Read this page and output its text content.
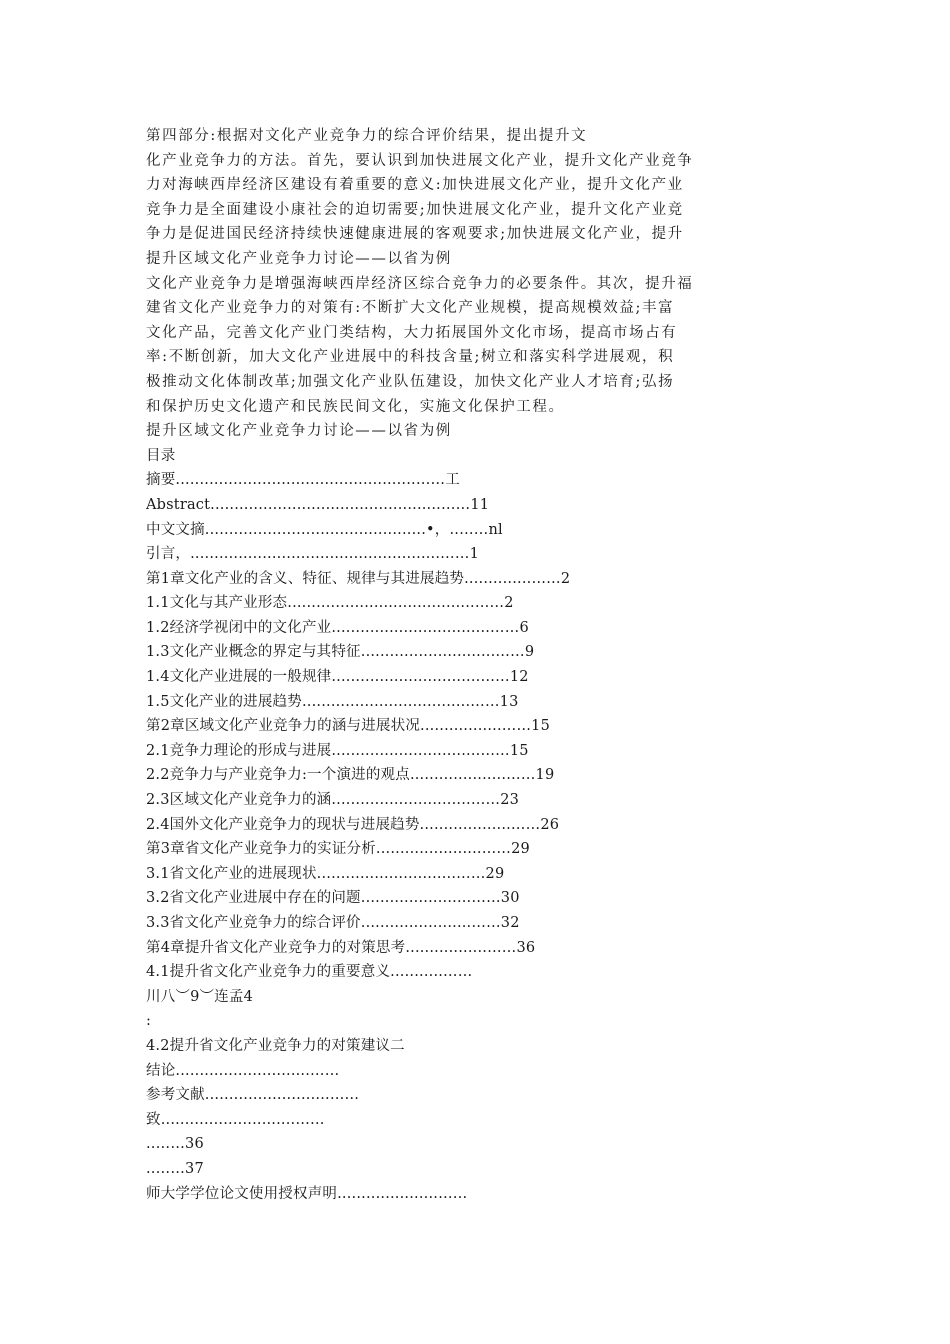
第四部分:根据对文化产业竞争力的综合评价结果，提出提升文
化产业竞争力的方法。首先，要认识到加快进展文化产业，提升文化产业竞争
力对海峡西岸经济区建设有着重要的意义:加快进展文化产业，提升文化产业
竞争力是全面建设小康社会的迫切需要;加快进展文化产业，提升文化产业竞
争力是促进国民经济持续快速健康进展的客观要求;加快进展文化产业，提升
提升区域文化产业竞争力讨论——以省为例
文化产业竞争力是增强海峡西岸经济区综合竞争力的必要条件。其次，提升福
建省文化产业竞争力的对策有:不断扩大文化产业规模，提高规模效益;丰富
文化产品，完善文化产业门类结构，大力拓展国外文化市场，提高市场占有
率:不断创新，加大文化产业进展中的科技含量;树立和落实科学进展观，积
极推动文化体制改革;加强文化产业队伍建设，加快文化产业人才培育;弘扬
和保护历史文化遗产和民族民间文化，实施文化保护工程。
提升区域文化产业竞争力讨论——以省为例
目录
摘要..................................................……工
Abstract................................................……11
中文文摘..............................................•，..……nl
引言，....................................................……1
第1章文化产业的含义、特征、规律与其进展趋势..............……2
1.1文化与其产业形态.......................................……2
1.2经济学视闭中的文化产业.................................……6
1.3文化产业概念的界定与其特征............................……9
1.4文化产业进展的一般规律...............................……12
1.5文化产业的进展趋势...................................……13
第2章区域文化产业竞争力的涵与进展状况.................……15
2.1竞争力理论的形成与进展...............................……15
2.2竞争力与产业竞争力:一个演进的观点....................……19
2.3区域文化产业竞争力的涵.............................……23
2.4国外文化产业竞争力的现状与进展趋势...................……26
第3章省文化产业竞争力的实证分析......................……29
3.1省文化产业的进展现状.............................……29
3.2省文化产业进展中存在的问题.......................……30
3.3省文化产业竞争力的综合评价.......................……32
第4章提升省文化产业竞争力的对策思考.................……36
4.1提升省文化产业竞争力的重要意义...........……
川八︶9︶连孟4
:
4.2提升省文化产业竞争力的对策建议二
结论............................……
参考文献..........................……
致............................……
..……36
..……37
师大学学位论文使用授权声明.....................……
